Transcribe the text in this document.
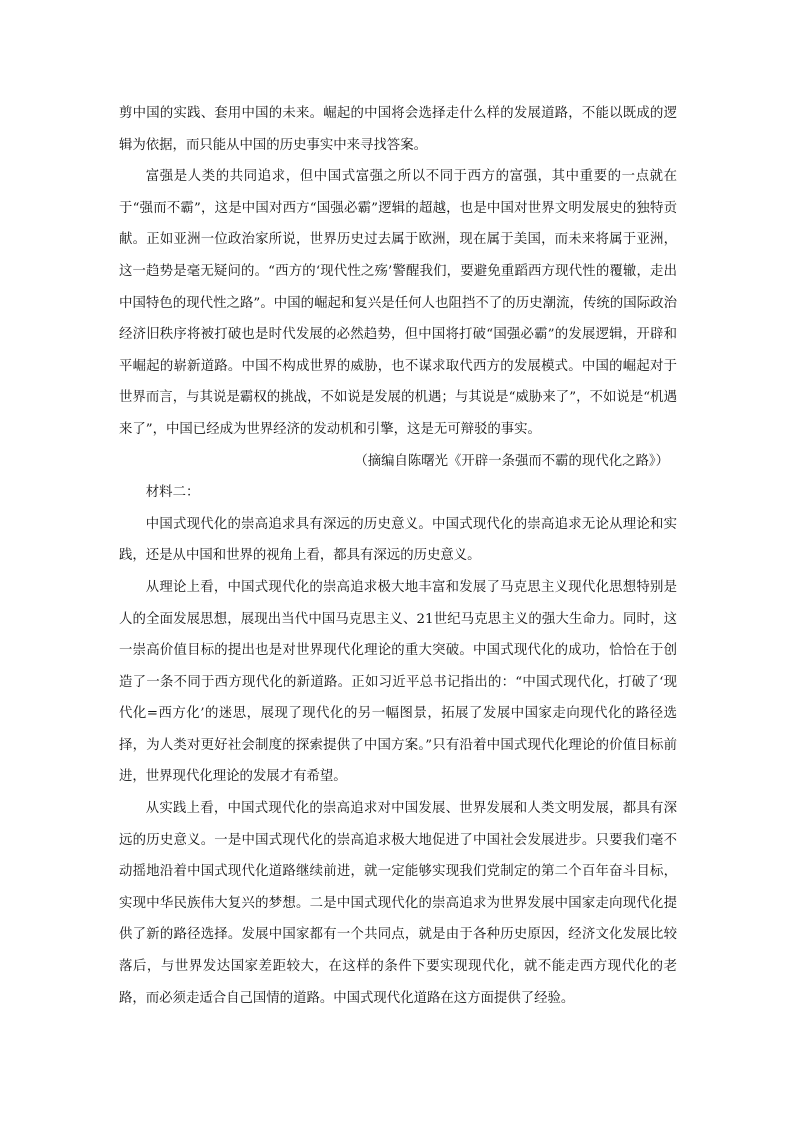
剪中国的实践、套用中国的未来。崛起的中国将会选择走什么样的发展道路，不能以既成的逻辑为依据，而只能从中国的历史事实中来寻找答案。

富强是人类的共同追求，但中国式富强之所以不同于西方的富强，其中重要的一点就在于“强而不霸”，这是中国对西方“国强必霸”逻辑的超越，也是中国对世界文明发展史的独特贡献。正如亚洲一位政治家所说，世界历史过去属于欧洲，现在属于美国，而未来将属于亚洲，这一趋势是毫无疑问的。“西方的‘现代性之殇’警醒我们，要避免重蹈西方现代性的覆辙，走出中国特色的现代性之路”。中国的崛起和复兴是任何人也阻挡不了的历史潮流，传统的国际政治经济旧秩序将被打破也是时代发展的必然趋势，但中国将打破“国强必霸”的发展逻辑，开辟和平崛起的崭新道路。中国不构成世界的威胁，也不谋求取代西方的发展模式。中国的崛起对于世界而言，与其说是霸权的挑战，不如说是发展的机遇；与其说是“威胁来了”，不如说是“机遇来了”，中国已经成为世界经济的发动机和引擎，这是无可辩驳的事实。

（摘编自陈曙光《开辟一条强而不霸的现代化之路》）

材料二：

中国式现代化的崇高追求具有深远的历史意义。中国式现代化的崇高追求无论从理论和实践，还是从中国和世界的视角上看，都具有深远的历史意义。

从理论上看，中国式现代化的崇高追求极大地丰富和发展了马克思主义现代化思想特别是人的全面发展思想，展现出当代中国马克思主义、21世纪马克思主义的强大生命力。同时，这一崇高价值目标的提出也是对世界现代化理论的重大突破。中国式现代化的成功，恰恰在于创造了一条不同于西方现代化的新道路。正如习近平总书记指出的：“中国式现代化，打破了‘现代化=西方化’的迷思，展现了现代化的另一幅图景，拓展了发展中国家走向现代化的路径选择，为人类对更好社会制度的探索提供了中国方案。”只有沿着中国式现代化理论的价值目标前进，世界现代化理论的发展才有希望。

从实践上看，中国式现代化的崇高追求对中国发展、世界发展和人类文明发展，都具有深远的历史意义。一是中国式现代化的崇高追求极大地促进了中国社会发展进步。只要我们毫不动摇地沿着中国式现代化道路继续前进，就一定能够实现我们党制定的第二个百年奋斗目标，实现中华民族伟大复兴的梦想。二是中国式现代化的崇高追求为世界发展中国家走向现代化提供了新的路径选择。发展中国家都有一个共同点，就是由于各种历史原因，经济文化发展比较落后，与世界发达国家差距较大，在这样的条件下要实现现代化，就不能走西方现代化的老路，而必须走适合自己国情的道路。中国式现代化道路在这方面提供了经验。
